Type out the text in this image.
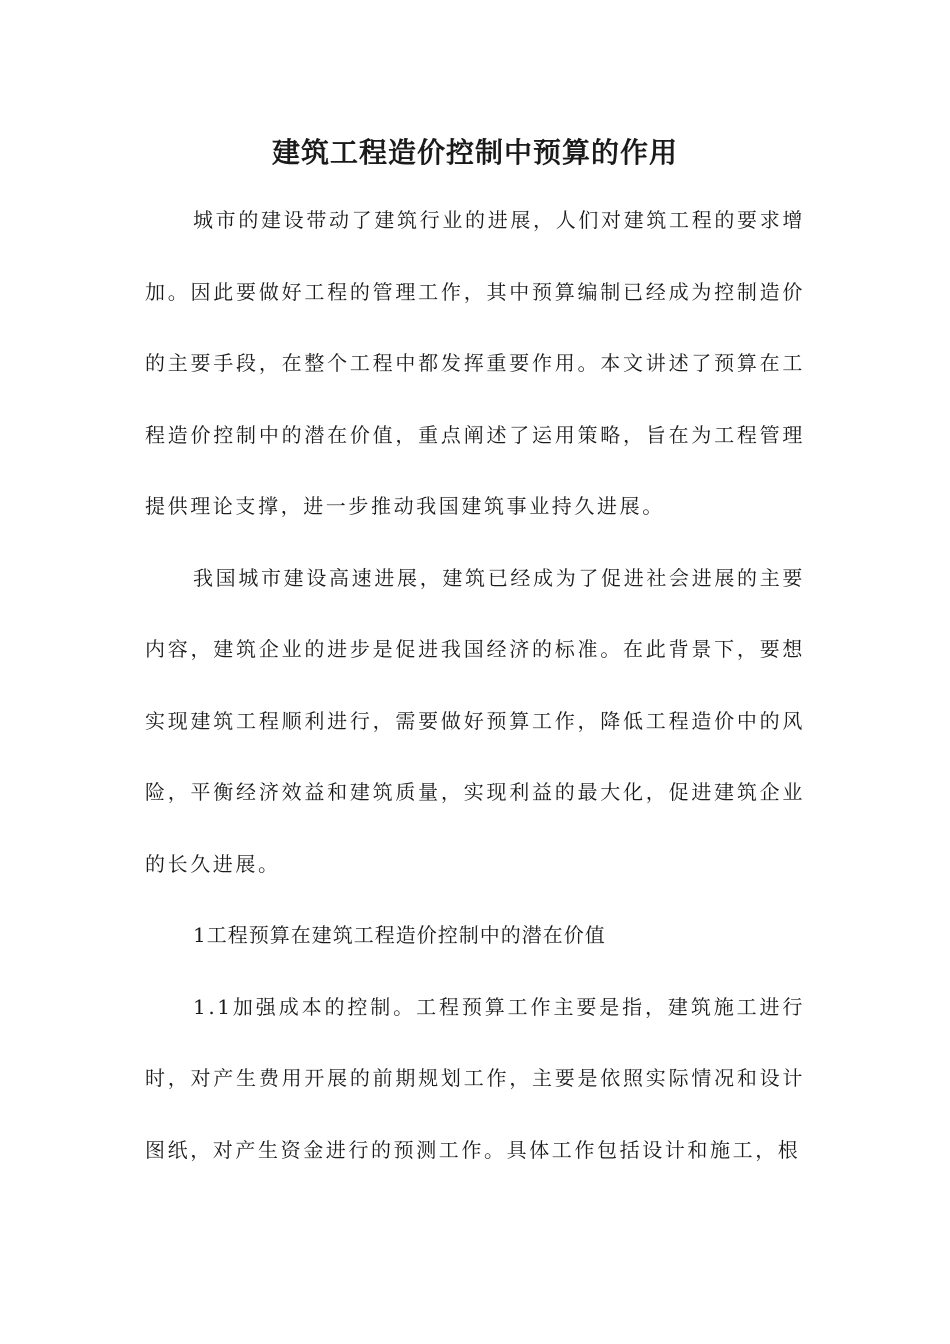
建筑工程造价控制中预算的作用

城市的建设带动了建筑行业的进展，人们对建筑工程的要求增加。因此要做好工程的管理工作，其中预算编制已经成为控制造价的主要手段，在整个工程中都发挥重要作用。本文讲述了预算在工程造价控制中的潜在价值，重点阐述了运用策略，旨在为工程管理提供理论支撑，进一步推动我国建筑事业持久进展。

我国城市建设高速进展，建筑已经成为了促进社会进展的主要内容，建筑企业的进步是促进我国经济的标准。在此背景下，要想实现建筑工程顺利进行，需要做好预算工作，降低工程造价中的风险，平衡经济效益和建筑质量，实现利益的最大化，促进建筑企业的长久进展。

1工程预算在建筑工程造价控制中的潜在价值

1.1加强成本的控制。工程预算工作主要是指，建筑施工进行时，对产生费用开展的前期规划工作，主要是依照实际情况和设计图纸，对产生资金进行的预测工作。具体工作包括设计和施工，根
